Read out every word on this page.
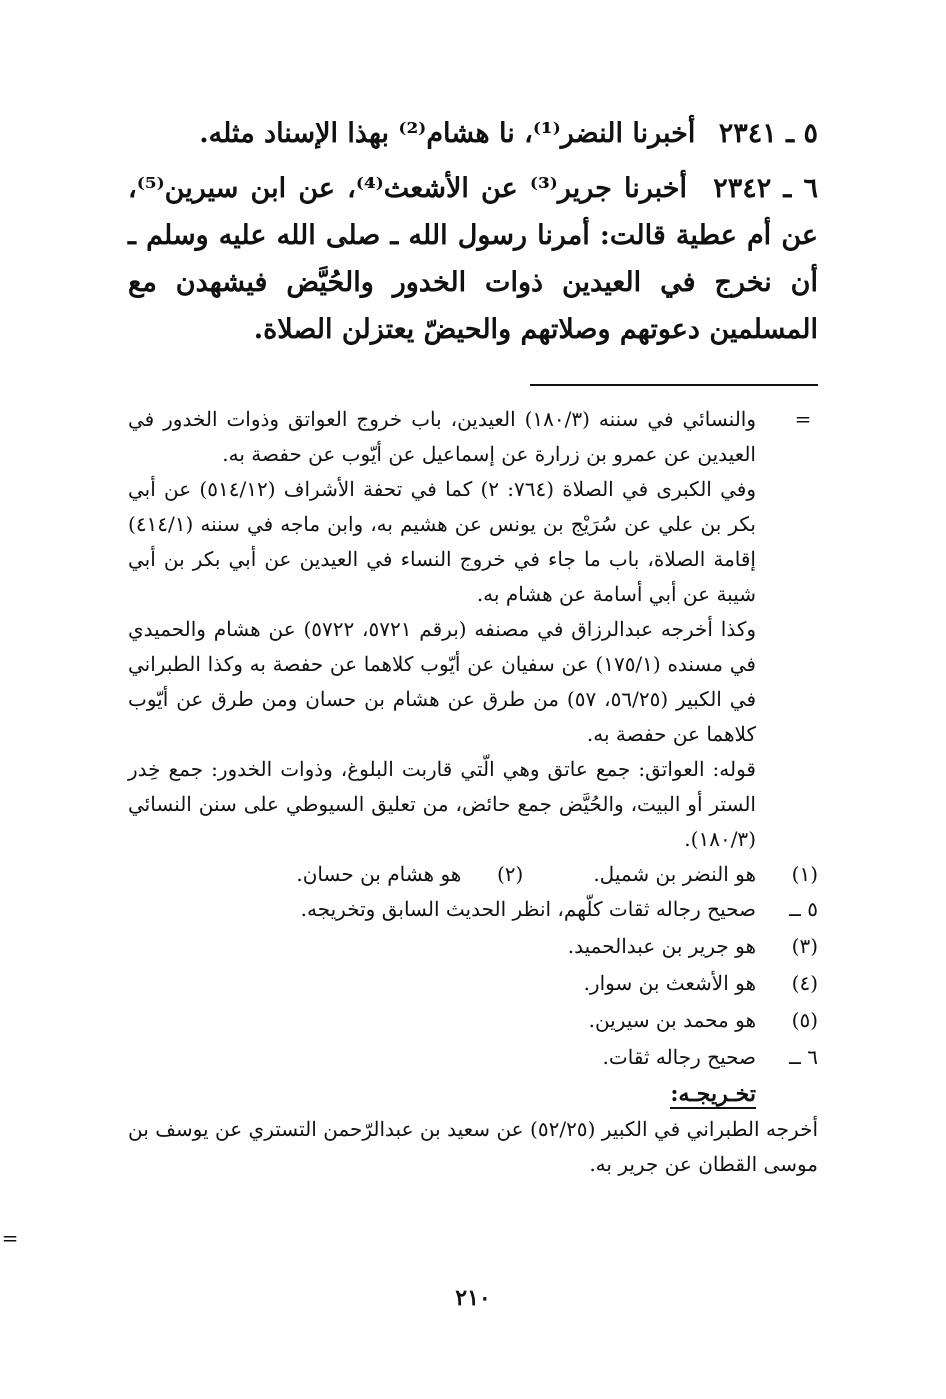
٥ ـ ٢٣٤١ أخبرنا النضر⁽¹⁾، نا هشام⁽²⁾ بهذا الإسناد مثله.

٦ ـ ٢٣٤٢ أخبرنا جرير⁽³⁾ عن الأشعث⁽⁴⁾، عن ابن سيرين⁽⁵⁾، عن أم عطية قالت: أمرنا رسول الله ـ صلى الله عليه وسلم ـ أن نخرج في العيدين ذوات الخدور والحُيَّض فيشهدن مع المسلمين دعوتهم وصلاتهم والحيضّ يعتزلن الصلاة.

=

والنسائي في سننه (١٨٠/٣) العيدين، باب خروج العواتق وذوات الخدور في العيدين عن عمرو بن زرارة عن إسماعيل عن أيّوب عن حفصة به.

وفي الكبرى في الصلاة (٧٦٤: ٢) كما في تحفة الأشراف (٥١٤/١٢) عن أبي بكر بن علي عن سُرَيْج بن يونس عن هشيم به، وابن ماجه في سننه (٤١٤/١) إقامة الصلاة، باب ما جاء في خروج النساء في العيدين عن أبي بكر بن أبي شيبة عن أبي أسامة عن هشام به.

وكذا أخرجه عبدالرزاق في مصنفه (برقم ٥٧٢١، ٥٧٢٢) عن هشام والحميدي في مسنده (١٧٥/١) عن سفيان عن أيّوب كلاهما عن حفصة به وكذا الطبراني في الكبير (٥٦/٢٥، ٥٧) من طرق عن هشام بن حسان ومن طرق عن أيّوب كلاهما عن حفصة به.

قوله: العواتق: جمع عاتق وهي الّتي قاربت البلوغ، وذوات الخدور: جمع خِدر الستر أو البيت، والحُيَّض جمع حائض، من تعليق السيوطي على سنن النسائي (١٨٠/٣).

(١)
هو النضر بن شميل.
(٢)
هو هشام بن حسان.
٥ ــ
صحيح رجاله ثقات كلّهم، انظر الحديث السابق وتخريجه.
(٣)
هو جرير بن عبدالحميد.
(٤)
هو الأشعث بن سوار.
(٥)
هو محمد بن سيرين.
٦ ــ
صحيح رجاله ثقات.
تخـريجـه:

أخرجه الطبراني في الكبير (٥٢/٢٥) عن سعيد بن عبدالرّحمن التستري عن يوسف بن موسى القطان عن جرير به.

=
٢١٠
